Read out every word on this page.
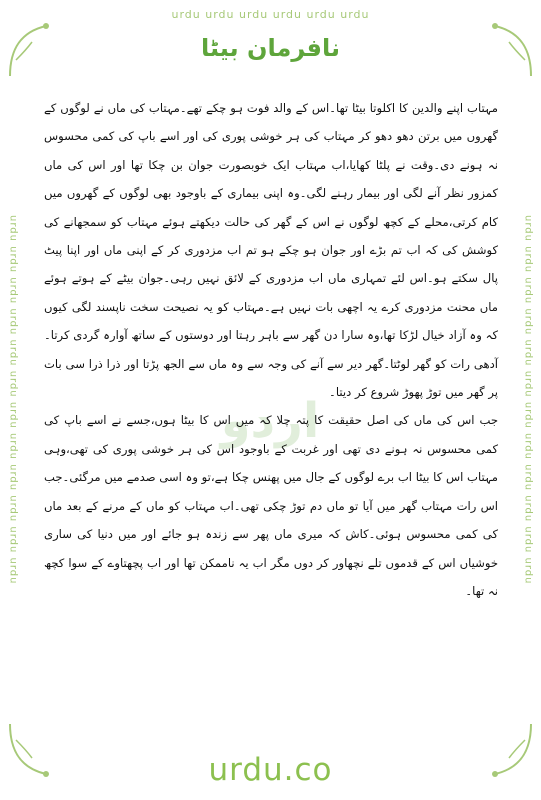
urdu urdu urdu urdu urdu urdu
urdu urdu urdu urdu urdu urdu urdu urdu urdu urdu urdu urdu	urdu urdu urdu urdu urdu urdu urdu urdu urdu urdu urdu urdu
نافرمان بیٹا
اردو

مہتاب اپنے والدین کا اکلوتا بیٹا تھا۔اس کے والد فوت ہو چکے تھے۔مہتاب کی ماں نے لوگوں کے گھروں میں برتن دھو دھو کر مہتاب کی ہر خوشی پوری کی اور اسے باپ کی کمی محسوس نہ ہونے دی۔وقت نے پلٹا کھایا،اب مہتاب ایک خوبصورت جوان بن چکا تھا اور اس کی ماں کمزور نظر آنے لگی اور بیمار رہنے لگی۔وہ اپنی بیماری کے باوجود بھی لوگوں کے گھروں میں کام کرتی،محلے کے کچھ لوگوں نے اس کے گھر کی حالت دیکھتے ہوئے مہتاب کو سمجھانے کی کوشش کی کہ اب تم بڑے اور جوان ہو چکے ہو تم اب مزدوری کر کے اپنی ماں اور اپنا پیٹ پال سکتے ہو۔اس لئے تمہاری ماں اب مزدوری کے لائق نہیں رہی۔جوان بیٹے کے ہوتے ہوئے ماں محنت مزدوری کرے یہ اچھی بات نہیں ہے۔مہتاب کو یہ نصیحت سخت ناپسند لگی کیوں کہ وہ آزاد خیال لڑکا تھا،وہ سارا دن گھر سے باہر رہتا اور دوستوں کے ساتھ آوارہ گردی کرتا۔آدھی رات کو گھر لوٹتا۔گھر دیر سے آنے کی وجہ سے وہ ماں سے الجھ پڑتا اور ذرا ذرا سی بات پر گھر میں توڑ پھوڑ شروع کر دیتا۔

جب اس کی ماں کی اصل حقیقت کا پتہ چلا کہ میں اس کا بیٹا ہوں،جسے نے اسے باپ کی کمی محسوس نہ ہونے دی تھی اور غربت کے باوجود اس کی ہر خوشی پوری کی تھی،وہی مہتاب اس کا بیٹا اب برے لوگوں کے جال میں پھنس چکا ہے،تو وہ اسی صدمے میں مرگئی۔جب اس رات مہتاب گھر میں آیا تو ماں دم توڑ چکی تھی۔اب مہتاب کو ماں کے مرنے کے بعد ماں کی کمی محسوس ہوئی۔کاش کہ میری ماں پھر سے زندہ ہو جائے اور میں دنیا کی ساری خوشیاں اس کے قدموں تلے نچھاور کر دوں مگر اب یہ ناممکن تھا اور اب پچھتاوے کے سوا کچھ نہ تھا۔

urdu.co
